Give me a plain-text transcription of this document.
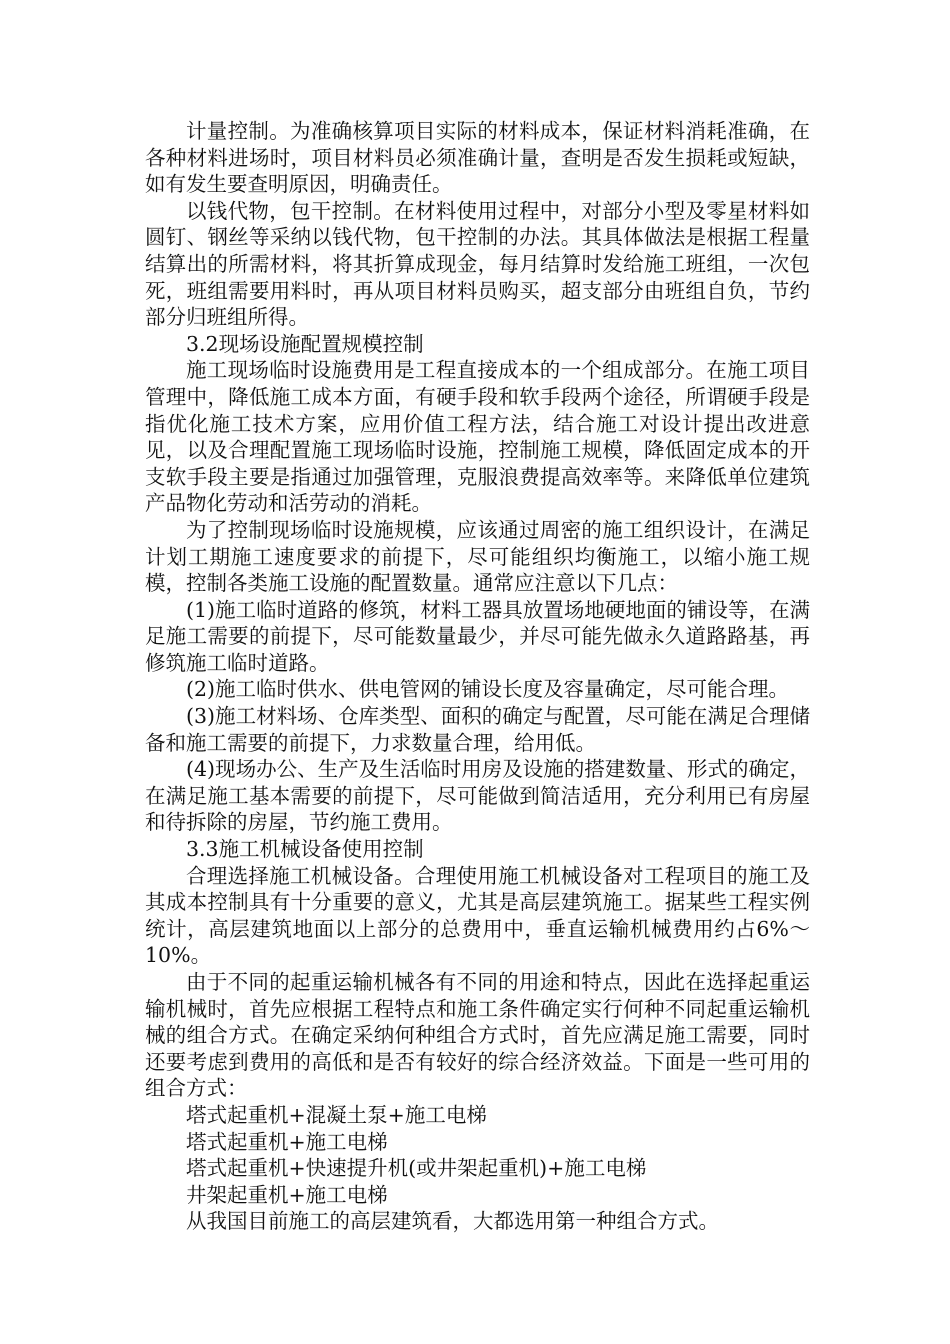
计量控制。为准确核算项目实际的材料成本，保证材料消耗准确，在各种材料进场时，项目材料员必须准确计量，查明是否发生损耗或短缺，如有发生要查明原因，明确责任。

以钱代物，包干控制。在材料使用过程中，对部分小型及零星材料如圆钉、钢丝等采纳以钱代物，包干控制的办法。其具体做法是根据工程量结算出的所需材料，将其折算成现金，每月结算时发给施工班组，一次包死，班组需要用料时，再从项目材料员购买，超支部分由班组自负，节约部分归班组所得。

3.2现场设施配置规模控制

施工现场临时设施费用是工程直接成本的一个组成部分。在施工项目管理中，降低施工成本方面，有硬手段和软手段两个途径，所谓硬手段是指优化施工技术方案，应用价值工程方法，结合施工对设计提出改进意见，以及合理配置施工现场临时设施，控制施工规模，降低固定成本的开支软手段主要是指通过加强管理，克服浪费提高效率等。来降低单位建筑产品物化劳动和活劳动的消耗。

为了控制现场临时设施规模，应该通过周密的施工组织设计，在满足计划工期施工速度要求的前提下，尽可能组织均衡施工，以缩小施工规模，控制各类施工设施的配置数量。通常应注意以下几点：

(1)施工临时道路的修筑，材料工器具放置场地硬地面的铺设等，在满足施工需要的前提下，尽可能数量最少，并尽可能先做永久道路路基，再修筑施工临时道路。

(2)施工临时供水、供电管网的铺设长度及容量确定，尽可能合理。

(3)施工材料场、仓库类型、面积的确定与配置，尽可能在满足合理储备和施工需要的前提下，力求数量合理，给用低。

(4)现场办公、生产及生活临时用房及设施的搭建数量、形式的确定，在满足施工基本需要的前提下，尽可能做到简洁适用，充分利用已有房屋和待拆除的房屋，节约施工费用。

3.3施工机械设备使用控制

合理选择施工机械设备。合理使用施工机械设备对工程项目的施工及其成本控制具有十分重要的意义，尤其是高层建筑施工。据某些工程实例统计，高层建筑地面以上部分的总费用中，垂直运输机械费用约占6%～10%。

由于不同的起重运输机械各有不同的用途和特点，因此在选择起重运输机械时，首先应根据工程特点和施工条件确定实行何种不同起重运输机械的组合方式。在确定采纳何种组合方式时，首先应满足施工需要，同时还要考虑到费用的高低和是否有较好的综合经济效益。下面是一些可用的组合方式：

塔式起重机+混凝土泵+施工电梯

塔式起重机+施工电梯

塔式起重机+快速提升机(或井架起重机)+施工电梯

井架起重机+施工电梯

从我国目前施工的高层建筑看，大都选用第一种组合方式。
